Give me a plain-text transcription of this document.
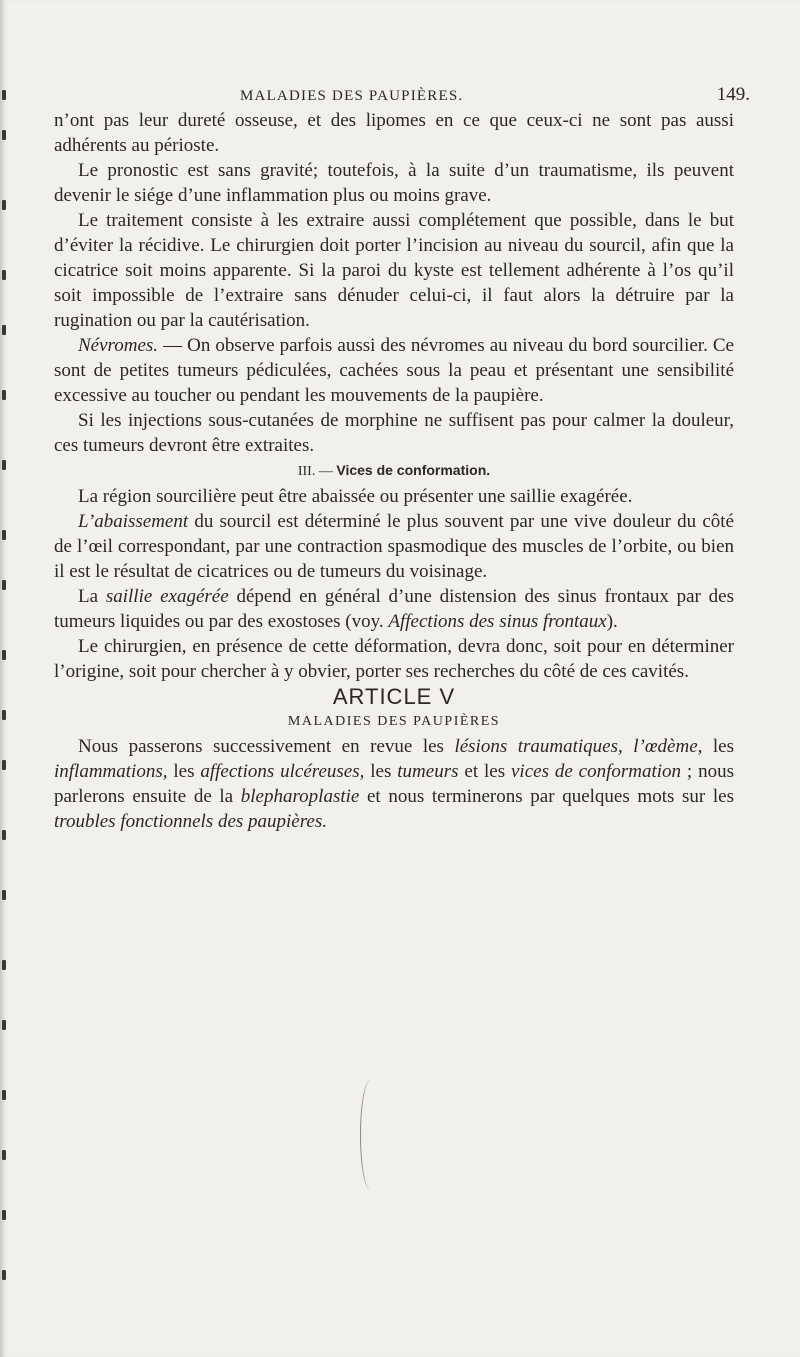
MALADIES DES PAUPIÈRES.	149.

n’ont pas leur dureté osseuse, et des lipomes en ce que ceux-ci ne sont pas aussi adhérents au périoste.

Le pronostic est sans gravité; toutefois, à la suite d’un traumatisme, ils peuvent devenir le siége d’une inflammation plus ou moins grave.

Le traitement consiste à les extraire aussi complétement que possible, dans le but d’éviter la récidive. Le chirurgien doit porter l’incision au niveau du sourcil, afin que la cicatrice soit moins apparente. Si la paroi du kyste est tellement adhérente à l’os qu’il soit impossible de l’extraire sans dénuder celui-ci, il faut alors la détruire par la rugination ou par la cautérisation.

Névromes. — On observe parfois aussi des névromes au niveau du bord sourcilier. Ce sont de petites tumeurs pédiculées, cachées sous la peau et présentant une sensibilité excessive au toucher ou pendant les mouvements de la paupière.

Si les injections sous-cutanées de morphine ne suffisent pas pour calmer la douleur, ces tumeurs devront être extraites.

III. — Vices de conformation.

La région sourcilière peut être abaissée ou présenter une saillie exagérée.

L’abaissement du sourcil est déterminé le plus souvent par une vive douleur du côté de l’œil correspondant, par une contraction spasmodique des muscles de l’orbite, ou bien il est le résultat de cicatrices ou de tumeurs du voisinage.

La saillie exagérée dépend en général d’une distension des sinus frontaux par des tumeurs liquides ou par des exostoses (voy. Affections des sinus frontaux).

Le chirurgien, en présence de cette déformation, devra donc, soit pour en déterminer l’origine, soit pour chercher à y obvier, porter ses recherches du côté de ces cavités.

ARTICLE V

MALADIES DES PAUPIÈRES

Nous passerons successivement en revue les lésions traumatiques, l’œdème, les inflammations, les affections ulcéreuses, les tumeurs et les vices de conformation ; nous parlerons ensuite de la blepharoplastie et nous terminerons par quelques mots sur les troubles fonctionnels des paupières.
